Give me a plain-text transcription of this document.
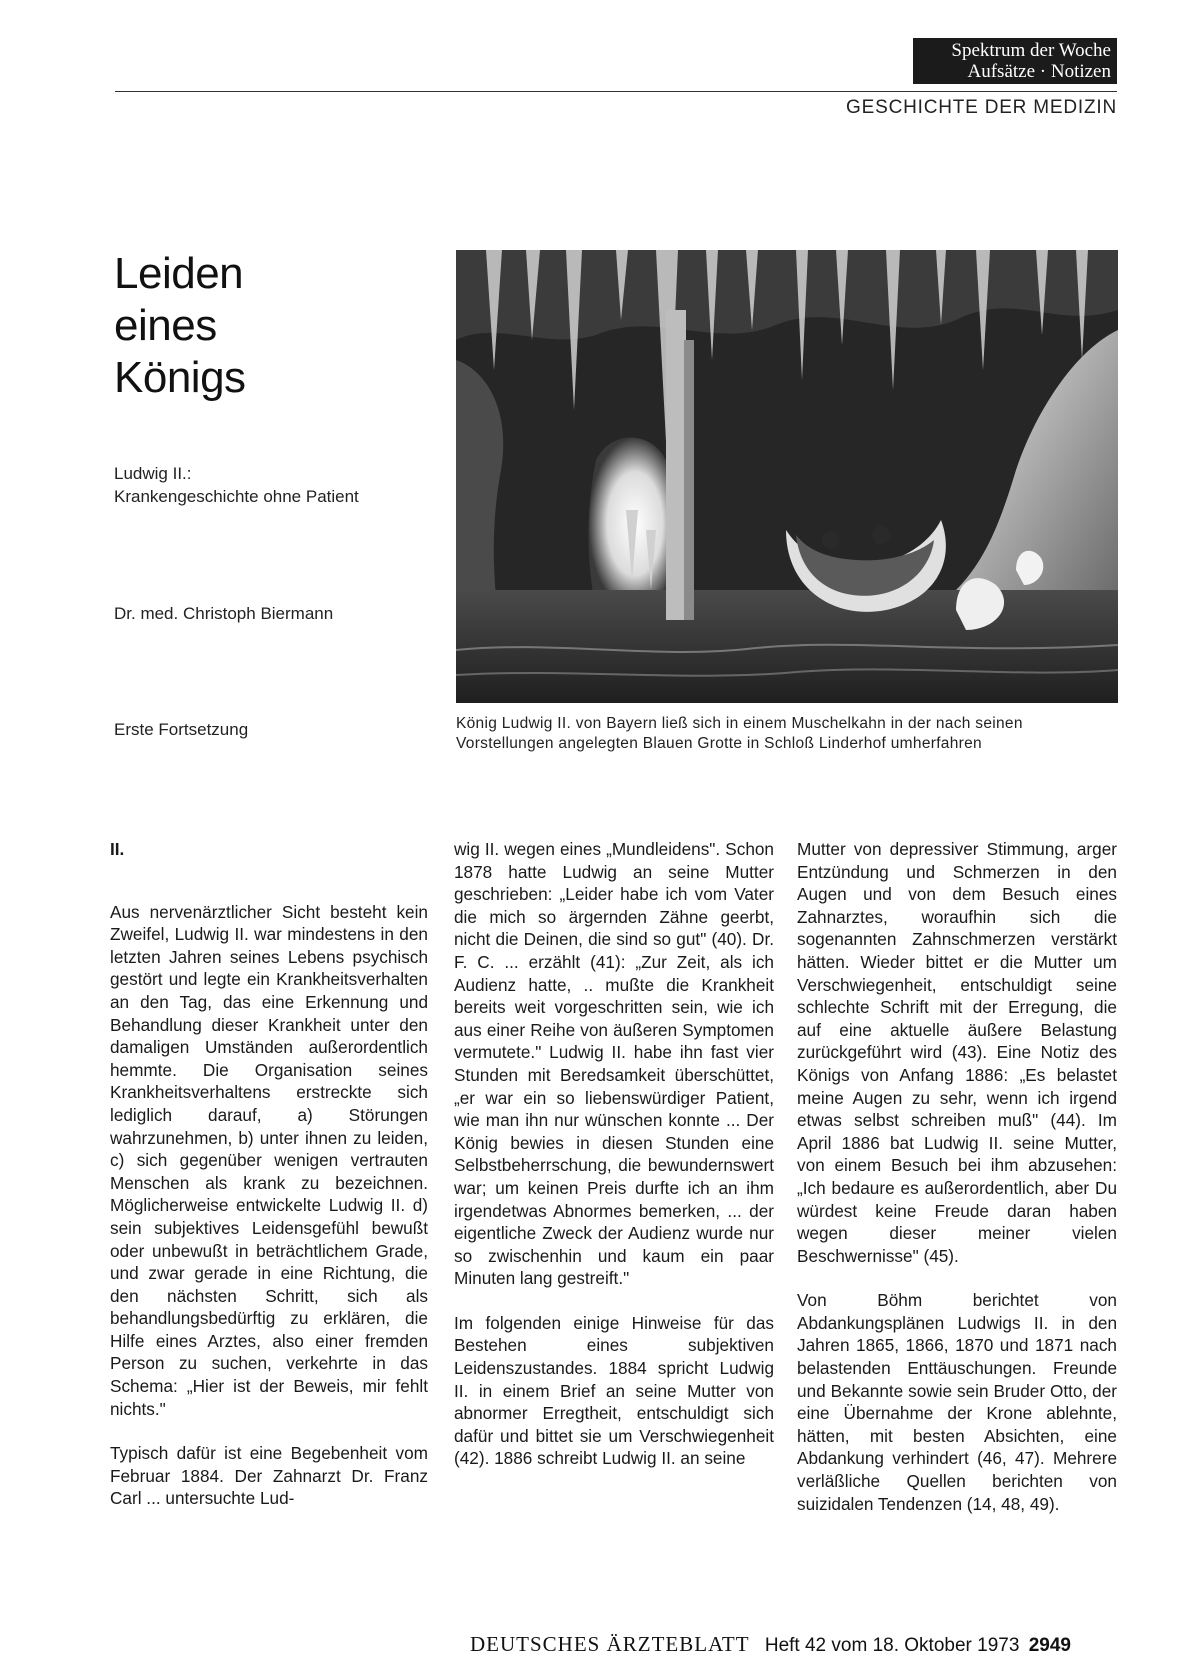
Spektrum der Woche
Aufsätze · Notizen
GESCHICHTE DER MEDIZIN
Leiden
eines
Königs
Ludwig II.:
Krankengeschichte ohne Patient
Dr. med. Christoph Biermann
Erste Fortsetzung	König Ludwig II. von Bayern ließ sich in einem Muschelkahn in der nach seinen Vorstellungen angelegten Blauen Grotte in Schloß Linderhof umherfahren

II.

Aus nervenärztlicher Sicht besteht kein Zweifel, Ludwig II. war mindestens in den letzten Jahren seines Lebens psychisch gestört und legte ein Krankheitsverhalten an den Tag, das eine Erkennung und Behandlung dieser Krankheit unter den damaligen Umständen außerordentlich hemmte. Die Organisation seines Krankheitsverhaltens erstreckte sich lediglich darauf, a) Störungen wahrzunehmen, b) unter ihnen zu leiden, c) sich gegenüber wenigen vertrauten Menschen als krank zu bezeichnen. Möglicherweise entwickelte Ludwig II. d) sein subjektives Leidensgefühl bewußt oder unbewußt in beträchtlichem Grade, und zwar gerade in eine Richtung, die den nächsten Schritt, sich als behandlungsbedürftig zu erklären, die Hilfe eines Arztes, also einer fremden Person zu suchen, verkehrte in das Schema: „Hier ist der Beweis, mir fehlt nichts."

Typisch dafür ist eine Begebenheit vom Februar 1884. Der Zahnarzt Dr. Franz Carl ... untersuchte Lud-

wig II. wegen eines „Mundleidens". Schon 1878 hatte Ludwig an seine Mutter geschrieben: „Leider habe ich vom Vater die mich so ärgernden Zähne geerbt, nicht die Deinen, die sind so gut" (40). Dr. F. C. ... erzählt (41): „Zur Zeit, als ich Audienz hatte, .. mußte die Krankheit bereits weit vorgeschritten sein, wie ich aus einer Reihe von äußeren Symptomen vermutete." Ludwig II. habe ihn fast vier Stunden mit Beredsamkeit überschüttet, „er war ein so liebenswürdiger Patient, wie man ihn nur wünschen konnte ... Der König bewies in diesen Stunden eine Selbstbeherrschung, die bewundernswert war; um keinen Preis durfte ich an ihm irgendetwas Abnormes bemerken, ... der eigentliche Zweck der Audienz wurde nur so zwischenhin und kaum ein paar Minuten lang gestreift."

Im folgenden einige Hinweise für das Bestehen eines subjektiven Leidenszustandes. 1884 spricht Ludwig II. in einem Brief an seine Mutter von abnormer Erregtheit, entschuldigt sich dafür und bittet sie um Verschwiegenheit (42). 1886 schreibt Ludwig II. an seine

Mutter von depressiver Stimmung, arger Entzündung und Schmerzen in den Augen und von dem Besuch eines Zahnarztes, woraufhin sich die sogenannten Zahnschmerzen verstärkt hätten. Wieder bittet er die Mutter um Verschwiegenheit, entschuldigt seine schlechte Schrift mit der Erregung, die auf eine aktuelle äußere Belastung zurückgeführt wird (43). Eine Notiz des Königs von Anfang 1886: „Es belastet meine Augen zu sehr, wenn ich irgend etwas selbst schreiben muß" (44). Im April 1886 bat Ludwig II. seine Mutter, von einem Besuch bei ihm abzusehen: „Ich bedaure es außerordentlich, aber Du würdest keine Freude daran haben wegen dieser meiner vielen Beschwernisse" (45).

Von Böhm berichtet von Abdankungsplänen Ludwigs II. in den Jahren 1865, 1866, 1870 und 1871 nach belastenden Enttäuschungen. Freunde und Bekannte sowie sein Bruder Otto, der eine Übernahme der Krone ablehnte, hätten, mit besten Absichten, eine Abdankung verhindert (46, 47). Mehrere verläßliche Quellen berichten von suizidalen Tendenzen (14, 48, 49).

DEUTSCHES ÄRZTEBLATT Heft 42 vom 18. Oktober 1973 2949
